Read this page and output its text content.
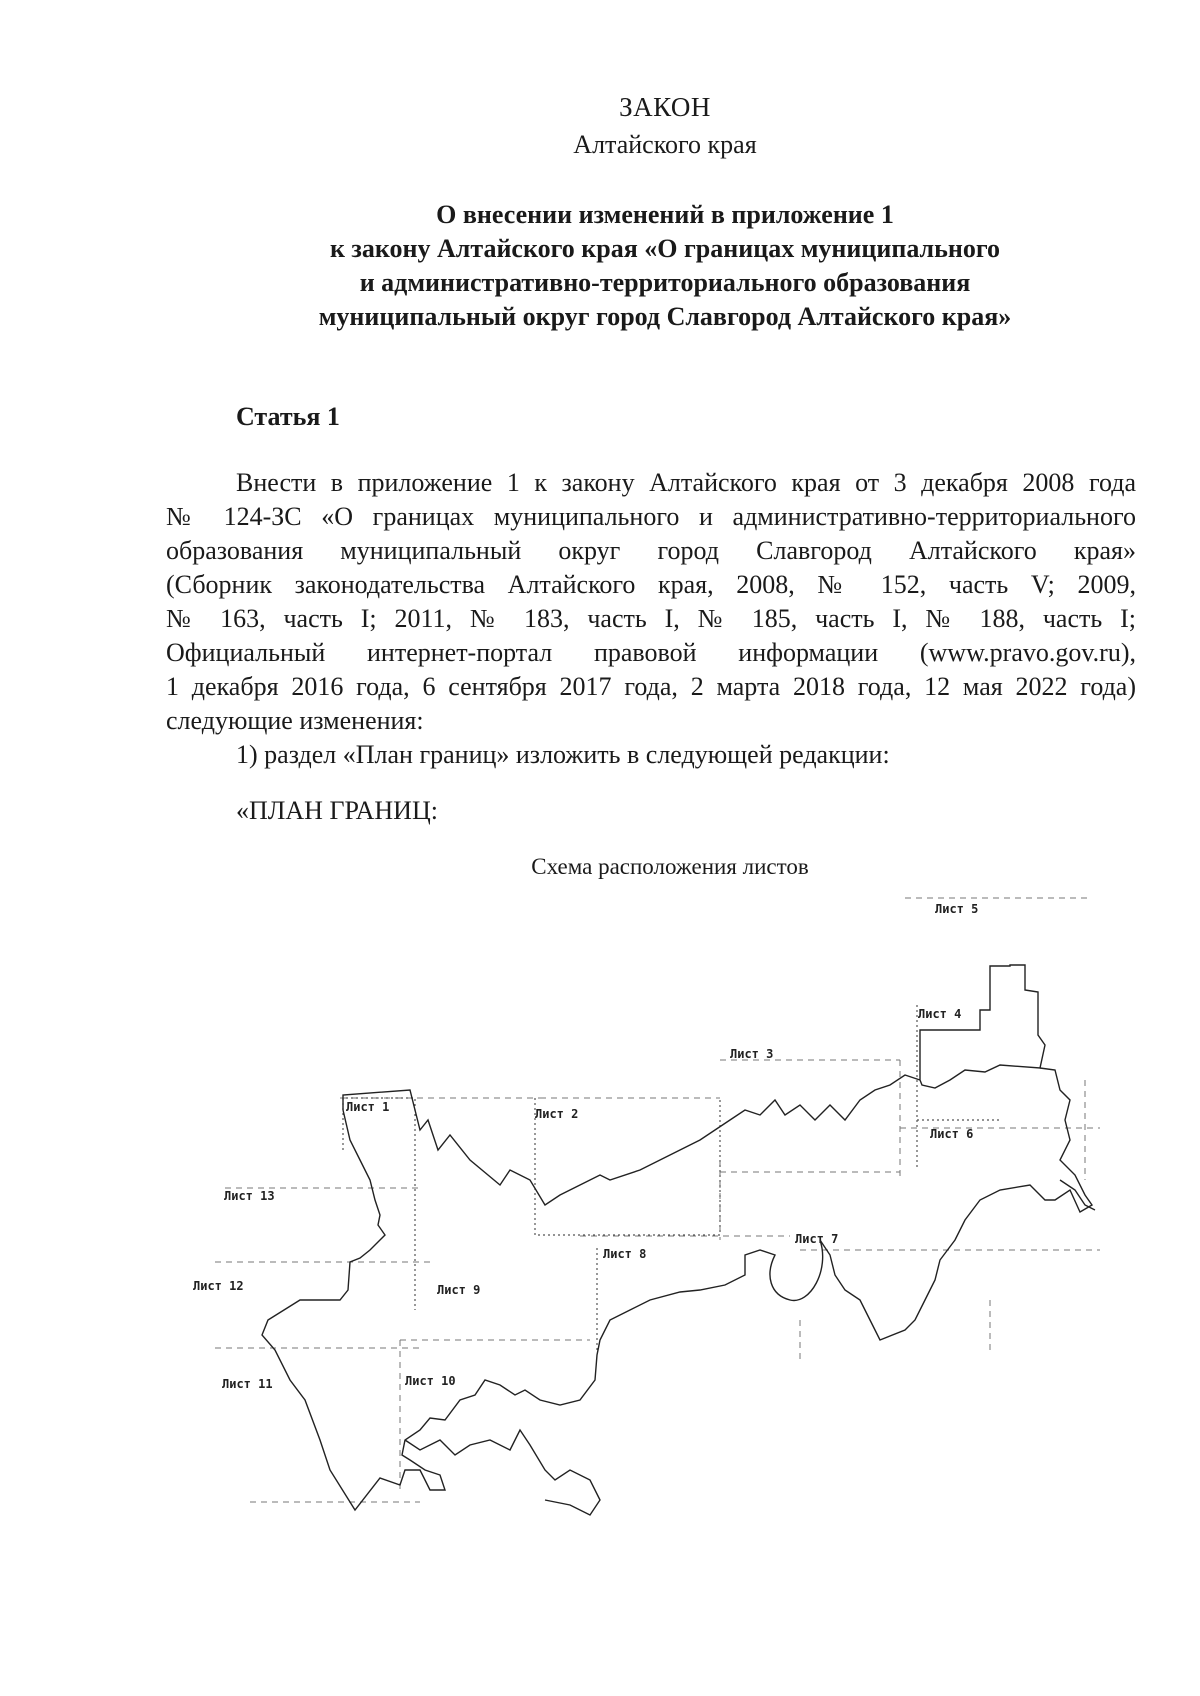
ЗАКОН
Алтайского края
О внесении изменений в приложение 1
к закону Алтайского края «О границах муниципального
и административно-территориального образования
муниципальный округ город Славгород Алтайского края»
Статья 1
Внести в приложение 1 к закону Алтайского края от 3 декабря 2008 года
№ 124-ЗС «О границах муниципального и административно-территориального
образования муниципальный округ город Славгород Алтайского края»
(Сборник законодательства Алтайского края, 2008, № 152, часть V; 2009,
№ 163, часть I; 2011, № 183, часть I, № 185, часть I, № 188, часть I;
Официальный интернет-портал правовой информации (www.pravo.gov.ru),
1 декабря 2016 года, 6 сентября 2017 года, 2 марта 2018 года, 12 мая 2022 года)
следующие изменения:
1) раздел «План границ» изложить в следующей редакции:
«ПЛАН ГРАНИЦ:
Схема расположения листов
Лист 1	Лист 2
Лист 3
Лист 4
Лист 5
Лист 6
Лист 7
Лист 8
Лист 9
Лист 10
Лист 11
Лист 12
Лист 13
